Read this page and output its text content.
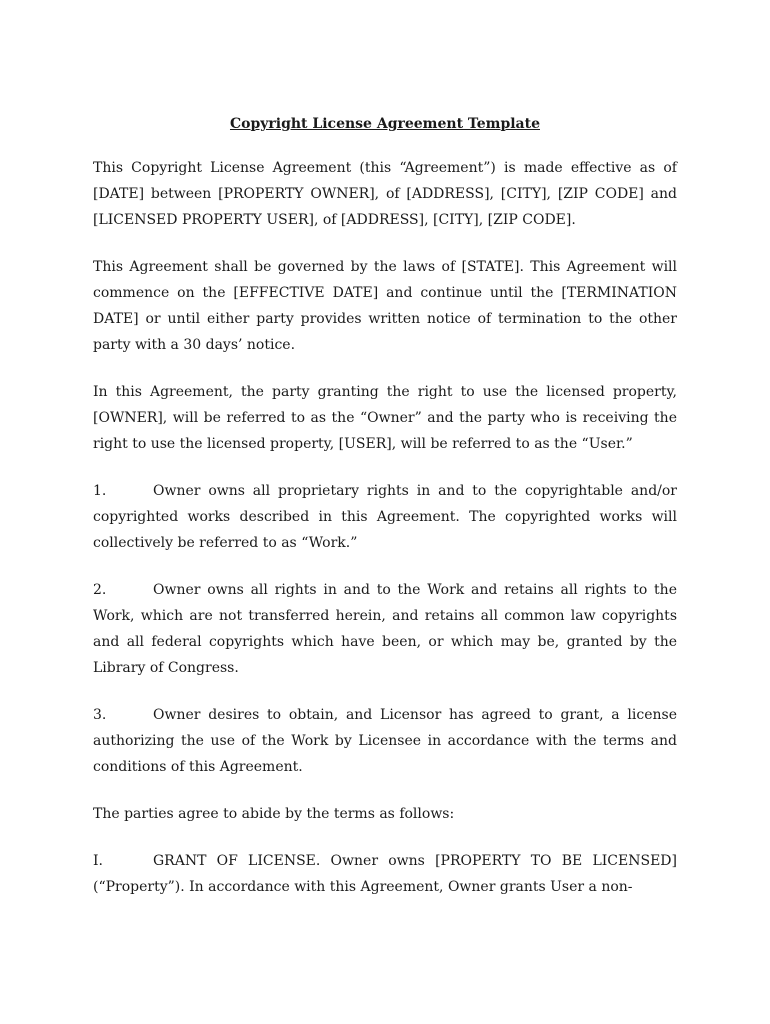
Copyright License Agreement Template

This Copyright License Agreement (this “Agreement”) is made effective as of [DATE] between [PROPERTY OWNER], of [ADDRESS], [CITY], [ZIP CODE] and [LICENSED PROPERTY USER], of [ADDRESS], [CITY], [ZIP CODE].

This Agreement shall be governed by the laws of [STATE]. This Agreement will commence on the [EFFECTIVE DATE] and continue until the [TERMINATION DATE] or until either party provides written notice of termination to the other party with a 30 days’ notice.

In this Agreement, the party granting the right to use the licensed property, [OWNER], will be referred to as the “Owner” and the party who is receiving the right to use the licensed property, [USER], will be referred to as the “User.”

1.	Owner owns all proprietary rights in and to the copyrightable and/or copyrighted works described in this Agreement. The copyrighted works will collectively be referred to as “Work.”

2.	Owner owns all rights in and to the Work and retains all rights to the Work, which are not transferred herein, and retains all common law copyrights and all federal copyrights which have been, or which may be, granted by the Library of Congress.

3.	Owner desires to obtain, and Licensor has agreed to grant, a license authorizing the use of the Work by Licensee in accordance with the terms and conditions of this Agreement.

The parties agree to abide by the terms as follows:

I.	GRANT OF LICENSE. Owner owns [PROPERTY TO BE LICENSED] (“Property”). In accordance with this Agreement, Owner grants User a non-
